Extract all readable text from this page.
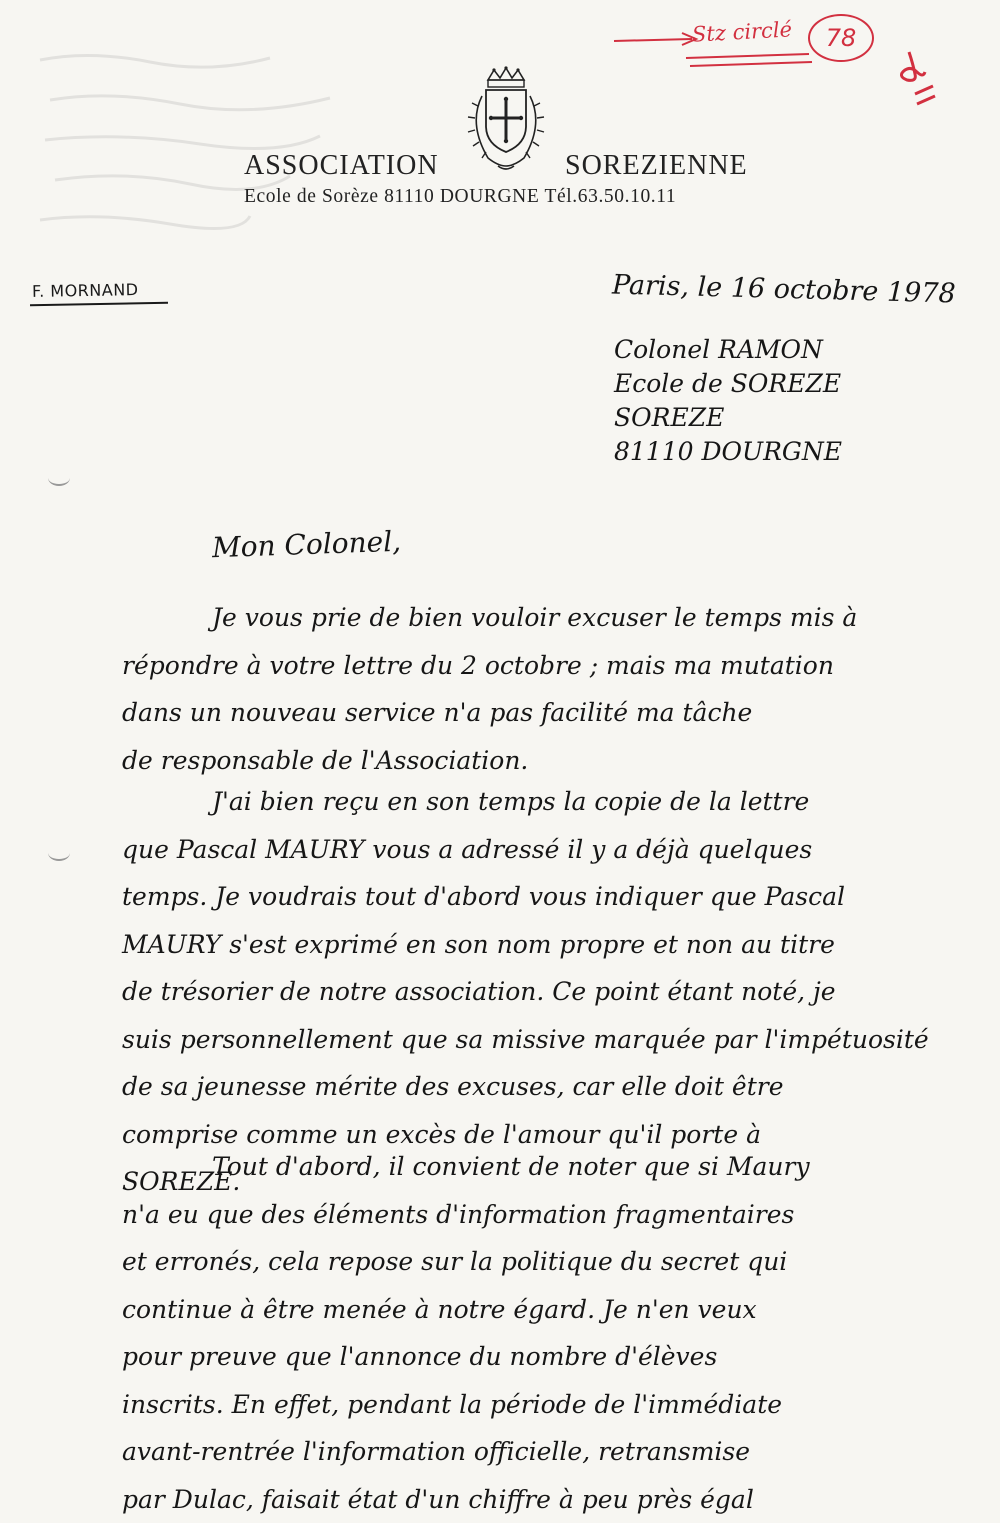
Stz circlé	78
ASSOCIATION	SOREZIENNE
Ecole de Sorèze 81110 DOURGNE Tél.63.50.10.11
F. MORNAND	Paris, le 16 octobre 1978
Colonel RAMON
Ecole de SOREZE
SOREZE
81110 DOURGNE
Mon Colonel,
Je vous prie de bien vouloir excuser le temps mis à
répondre à votre lettre du 2 octobre ; mais ma mutation
dans un nouveau service n'a pas facilité ma tâche
de responsable de l'Association.
J'ai bien reçu en son temps la copie de la lettre
que Pascal MAURY vous a adressé il y a déjà quelques
temps. Je voudrais tout d'abord vous indiquer que Pascal
MAURY s'est exprimé en son nom propre et non au titre
de trésorier de notre association. Ce point étant noté, je
suis personnellement que sa missive marquée par l'impétuosité
de sa jeunesse mérite des excuses, car elle doit être
comprise comme un excès de l'amour qu'il porte à
SOREZE.
Tout d'abord, il convient de noter que si Maury
n'a eu que des éléments d'information fragmentaires
et erronés, cela repose sur la politique du secret qui
continue à être menée à notre égard. Je n'en veux
pour preuve que l'annonce du nombre d'élèves
inscrits. En effet, pendant la période de l'immédiate
avant-rentrée l'information officielle, retransmise
par Dulac, faisait état d'un chiffre à peu près égal
